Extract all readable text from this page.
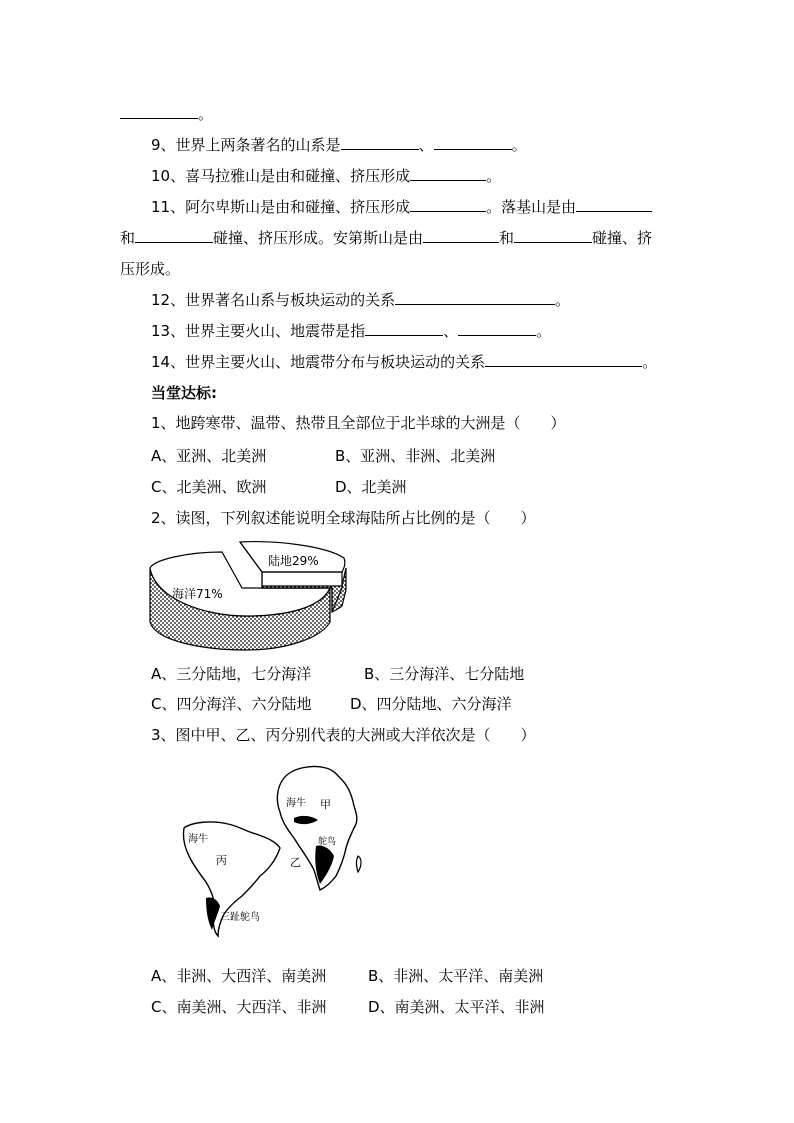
。
9、世界上两条著名的山系是	、	。
10、喜马拉雅山是由和碰撞、挤压形成	。
11、阿尔卑斯山是由和碰撞、挤压形成	。落基山是由
和	碰撞、挤压形成。安第斯山是由	和	碰撞、挤
压形成。
12、世界著名山系与板块运动的关系	。
13、世界主要火山、地震带是指	、	。
14、世界主要火山、地震带分布与板块运动的关系	。
当堂达标:
1、地跨寒带、温带、热带且全部位于北半球的大洲是（　　）
A、亚洲、北美洲	B、亚洲、非洲、北美洲
C、北美洲、欧洲	D、北美洲
2、读图，下列叙述能说明全球海陆所占比例的是（　　）
陆地29%
海洋71%
A、三分陆地，七分海洋	B、三分海洋、七分陆地
C、四分海洋、六分陆地	D、四分陆地、六分海洋
3、图中甲、乙、丙分别代表的大洲或大洋依次是（　　）
海牛
丙
三趾鸵鸟
海牛 甲
乙
鸵鸟
A、非洲、大西洋、南美洲	B、非洲、太平洋、南美洲
C、南美洲、大西洋、非洲	D、南美洲、太平洋、非洲
